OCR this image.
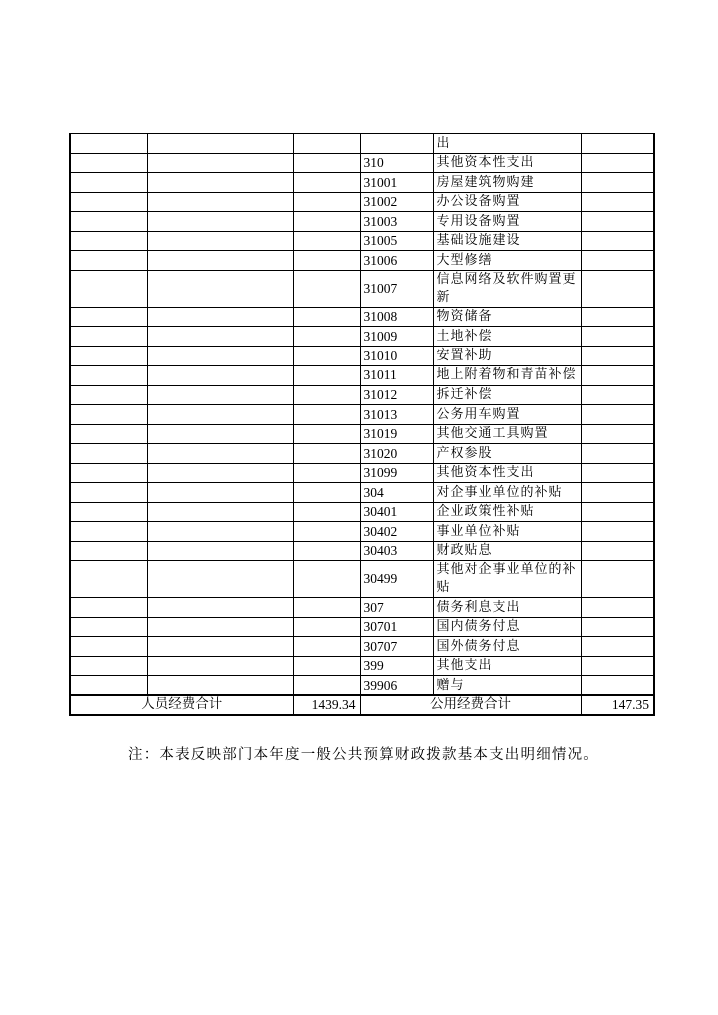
				出	
			310	其他资本性支出	
			31001	房屋建筑物购建	
			31002	办公设备购置	
			31003	专用设备购置	
			31005	基础设施建设	
			31006	大型修缮	
			31007	信息网络及软件购置更新	
			31008	物资储备	
			31009	土地补偿	
			31010	安置补助	
			31011	地上附着物和青苗补偿	
			31012	拆迁补偿	
			31013	公务用车购置	
			31019	其他交通工具购置	
			31020	产权参股	
			31099	其他资本性支出	
			304	对企事业单位的补贴	
			30401	企业政策性补贴	
			30402	事业单位补贴	
			30403	财政贴息	
			30499	其他对企事业单位的补贴	
			307	债务利息支出	
			30701	国内债务付息	
			30707	国外债务付息	
			399	其他支出	
			39906	赠与	
人员经费合计		1439.34	公用经费合计		147.35
注：本表反映部门本年度一般公共预算财政拨款基本支出明细情况。
